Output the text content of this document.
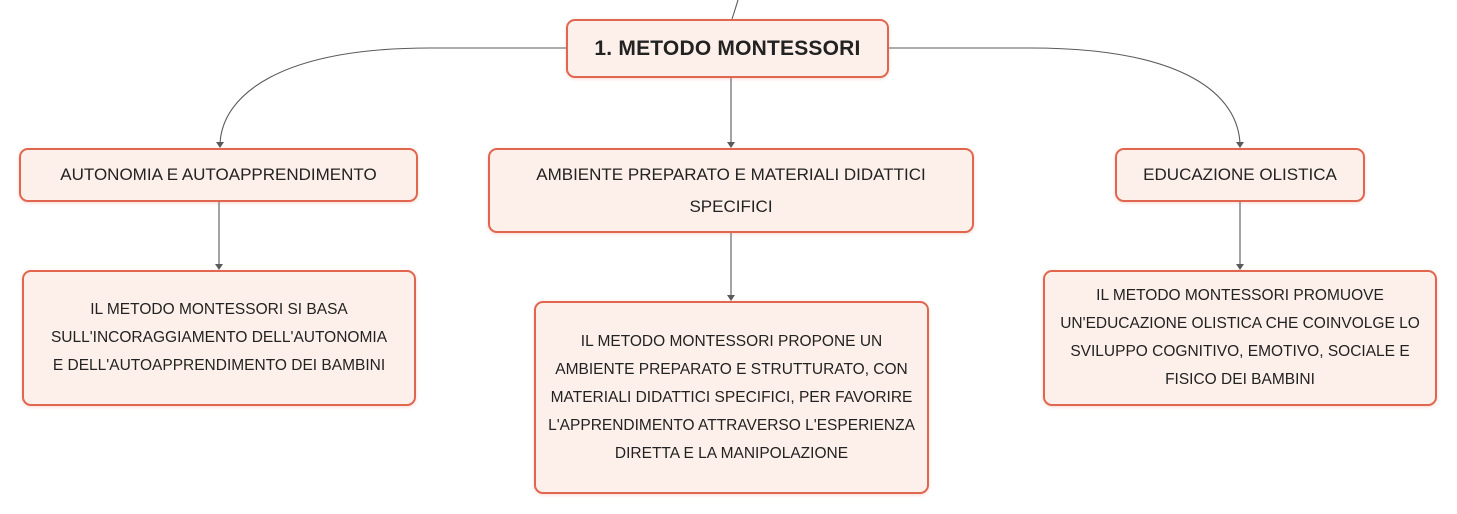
1. METODO MONTESSORI
AUTONOMIA E AUTOAPPRENDIMENTO	AMBIENTE PREPARATO E MATERIALI DIDATTICI SPECIFICI
EDUCAZIONE OLISTICA
IL METODO MONTESSORI SI BASA SULL'INCORAGGIAMENTO DELL'AUTONOMIA E DELL'AUTOAPPRENDIMENTO DEI BAMBINI
IL METODO MONTESSORI PROPONE UN AMBIENTE PREPARATO E STRUTTURATO, CON MATERIALI DIDATTICI SPECIFICI, PER FAVORIRE L'APPRENDIMENTO ATTRAVERSO L'ESPERIENZA DIRETTA E LA MANIPOLAZIONE
IL METODO MONTESSORI PROMUOVE UN'EDUCAZIONE OLISTICA CHE COINVOLGE LO SVILUPPO COGNITIVO, EMOTIVO, SOCIALE E FISICO DEI BAMBINI
